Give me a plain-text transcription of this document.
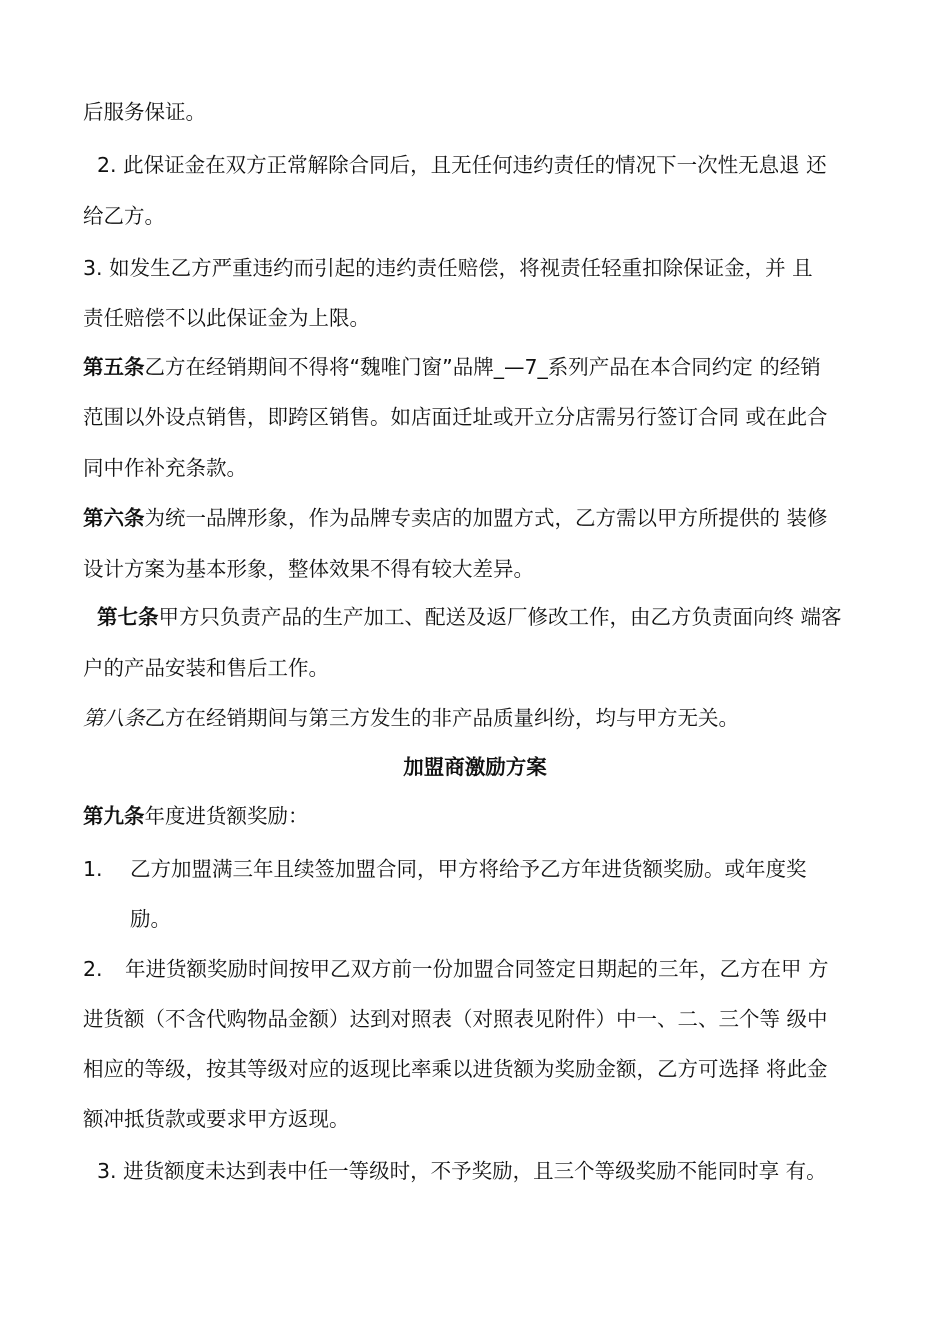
后服务保证。
2. 此保证金在双方正常解除合同后，且无任何违约责任的情况下一次性无息退 还
给乙方。
3. 如发生乙方严重违约而引起的违约责任赔偿，将视责任轻重扣除保证金，并 且
责任赔偿不以此保证金为上限。
第五条乙方在经销期间不得将“魏唯门窗”品牌_—7_系列产品在本合同约定 的经销
范围以外设点销售，即跨区销售。如店面迁址或开立分店需另行签订合同 或在此合
同中作补充条款。
第六条为统一品牌形象，作为品牌专卖店的加盟方式，乙方需以甲方所提供的 装修
设计方案为基本形象，整体效果不得有较大差异。
第七条甲方只负责产品的生产加工、配送及返厂修改工作，由乙方负责面向终 端客
户的产品安装和售后工作。
第八条乙方在经销期间与第三方发生的非产品质量纠纷，均与甲方无关。
加盟商激励方案
第九条年度进货额奖励：
1. 乙方加盟满三年且续签加盟合同，甲方将给予乙方年进货额奖励。或年度奖
励。
2. 年进货额奖励时间按甲乙双方前一份加盟合同签定日期起的三年，乙方在甲 方
进货额（不含代购物品金额）达到对照表（对照表见附件）中一、二、三个等 级中
相应的等级，按其等级对应的返现比率乘以进货额为奖励金额，乙方可选择 将此金
额冲抵货款或要求甲方返现。
3. 进货额度未达到表中任一等级时，不予奖励，且三个等级奖励不能同时享 有。
